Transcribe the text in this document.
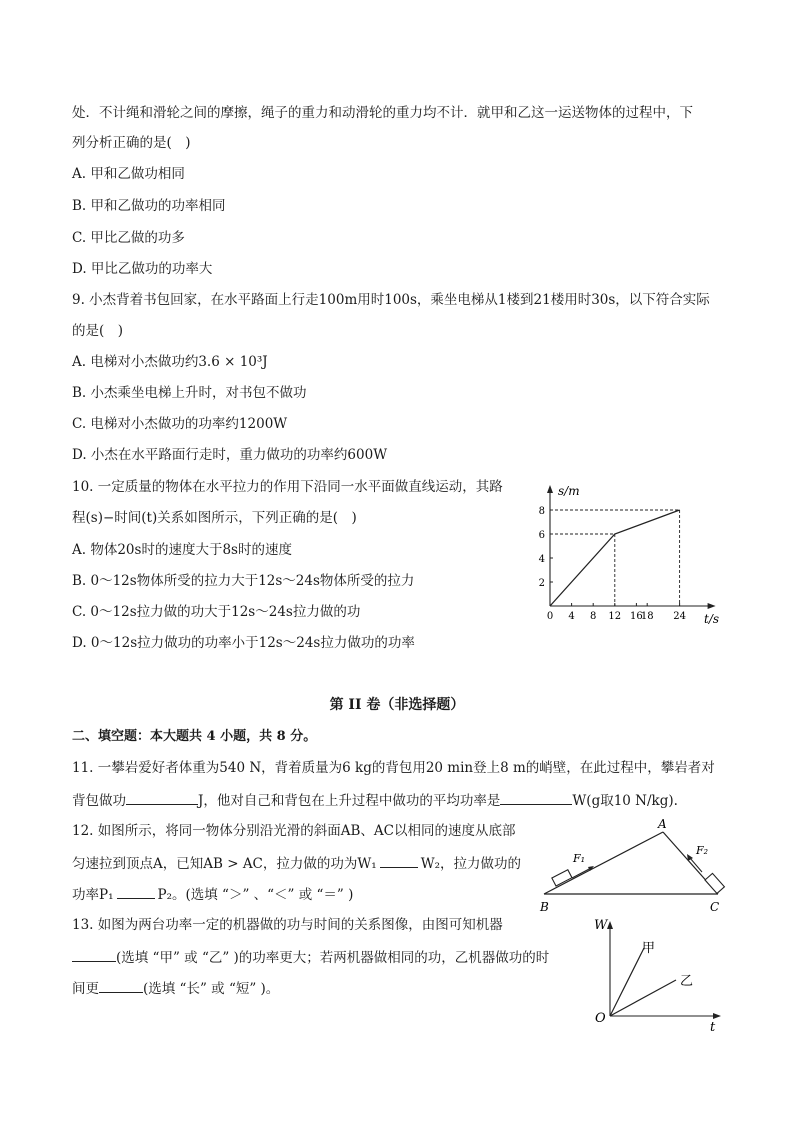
处．不计绳和滑轮之间的摩擦，绳子的重力和动滑轮的重力均不计．就甲和乙这一运送物体的过程中，下
列分析正确的是(　)
A. 甲和乙做功相同
B. 甲和乙做功的功率相同
C. 甲比乙做的功多
D. 甲比乙做功的功率大
9. 小杰背着书包回家，在水平路面上行走100m用时100s，乘坐电梯从1楼到21楼用时30s，以下符合实际
的是(　)
A. 电梯对小杰做功约3.6 × 10³J
B. 小杰乘坐电梯上升时，对书包不做功
C. 电梯对小杰做功的功率约1200W
D. 小杰在水平路面行走时，重力做功的功率约600W
10. 一定质量的物体在水平拉力的作用下沿同一水平面做直线运动，其路
程(s)−时间(t)关系如图所示，下列正确的是(　)
A. 物体20s时的速度大于8s时的速度
B. 0～12s物体所受的拉力大于12s～24s物体所受的拉力
C. 0～12s拉力做的功大于12s～24s拉力做的功
D. 0～12s拉力做功的功率小于12s～24s拉力做功的功率
0 4 8 12 16
18 24
2
4
6
8
s/m
t/s
第 II 卷（非选择题）
二、填空题：本大题共 4 小题，共 8 分。
11. 一攀岩爱好者体重为540 N，背着质量为6 kg的背包用20 min登上8 m的峭壁，在此过程中，攀岩者对
背包做功	J，他对自己和背包在上升过程中做功的平均功率是	W(g取10 N/kg).
12. 如图所示，将同一物体分别沿光滑的斜面AB、AC以相同的速度从底部
匀速拉到顶点A，已知AB > AC，拉力做的功为W₁	W₂，拉力做功的
功率P₁	P₂。(选填 “＞” 、“＜” 或 “＝” )
A
B	C
F₁
F₂
13. 如图为两台功率一定的机器做的功与时间的关系图像，由图可知机器
(选填 “甲” 或 “乙” )的功率更大；若两机器做相同的功，乙机器做功的时
间更	(选填 “长” 或 “短” )。
W
O
t
甲
乙
